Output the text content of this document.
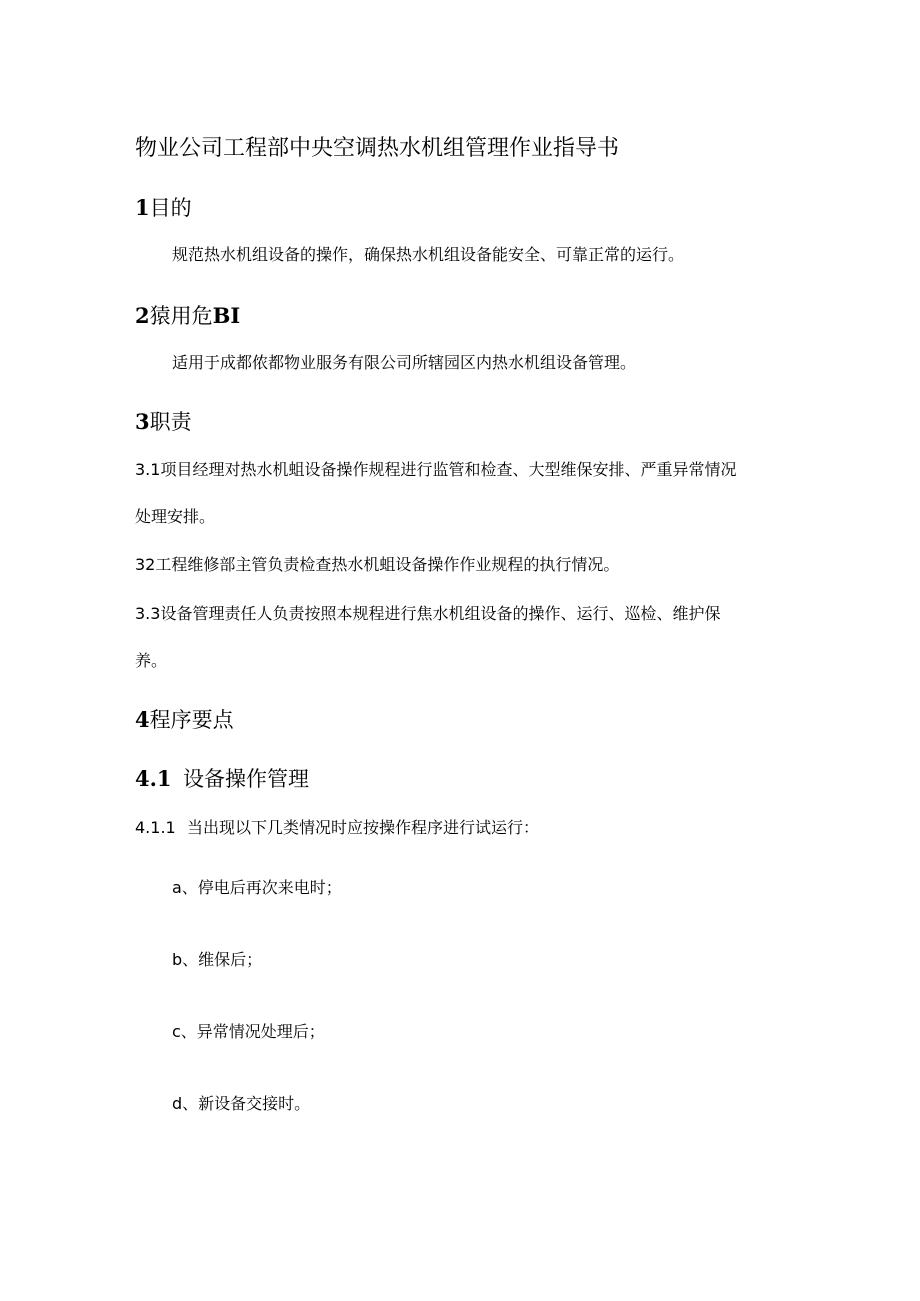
物业公司工程部中央空调热水机组管理作业指导书
1目的
规范热水机组设备的操作，确保热水机组设备能安全、可靠正常的运行。
2猿用危BI
适用于成都侬都物业服务有限公司所辖园区内热水机组设备管理。
3职责
3.1项目经理对热水机蛆设备操作规程进行监管和检查、大型维保安排、严重异常情况
处理安排。
32工程维修部主管负责检查热水机蛆设备操作作业规程的执行情况。
3.3设备管理责任人负责按照本规程进行焦水机组设备的操作、运行、巡检、维护保
养。
4程序要点
4.1 设备操作管理
4.1.1 当出现以下几类情况时应按操作程序进行试运行：
a、停电后再次来电时；
b、维保后；
c、异常情况处理后；
d、新设备交接时。
